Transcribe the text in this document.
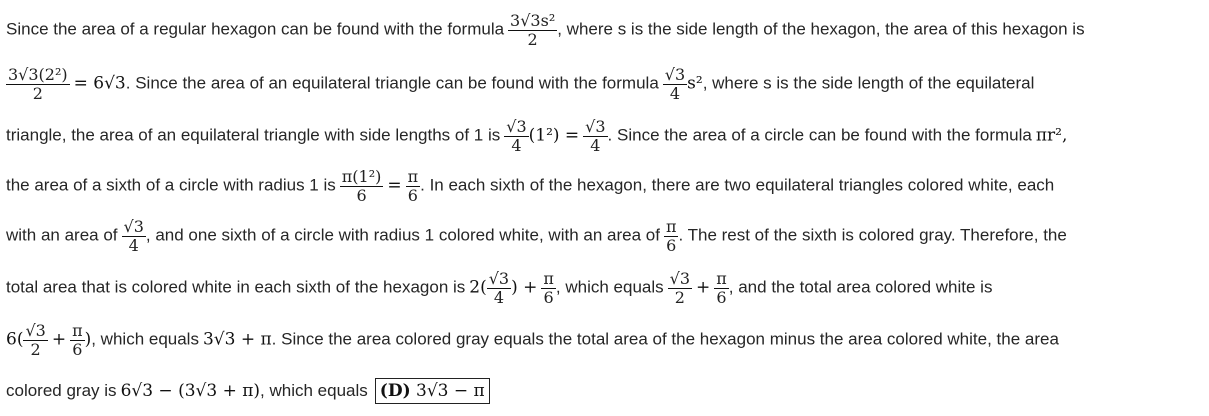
Since the area of a regular hexagon can be found with the formula $\frac{\text{3√3s²}}{2}$ , where s is the side length of the hexagon, the area of this hexagon is
$\frac{\text{3√3(2²)}}{2} = 6√3$. Since the area of an equilateral triangle can be found with the formula $\frac{√3}{4} s^2$, where s is the side length of the equilateral
triangle, the area of an equilateral triangle with side lengths of 1 is $\frac{√3}{4} (1^2) = \frac{√3}{4}$ . Since the area of a circle can be found with the formula πr²,
the area of a sixth of a circle with radius 1 is $\frac{\text{π(1²)}}{6} = \frac{\pi}{6}$ . In each sixth of the hexagon, there are two equilateral triangles colored white, each
with an area of $\frac{√3}{4}$ , and one sixth of a circle with radius 1 colored white, with an area of $\frac{\pi}{6}$ . The rest of the sixth is colored gray. Therefore, the
total area that is colored white in each sixth of the hexagon is $2( \frac{√3}{4}$ ) + $\frac{\pi}{6}$ , which equals $\frac{√3}{2} + \frac{\pi}{6}$ , and the total area colored white is
$6( \frac{√3}{2} + \frac{\pi}{6}$ ), which equals 3√3 + π. Since the area colored gray equals the total area of the hexagon minus the area colored white, the area
colored gray is 6√3 − (3√3 + π), which equals (D) 3√3 − π
